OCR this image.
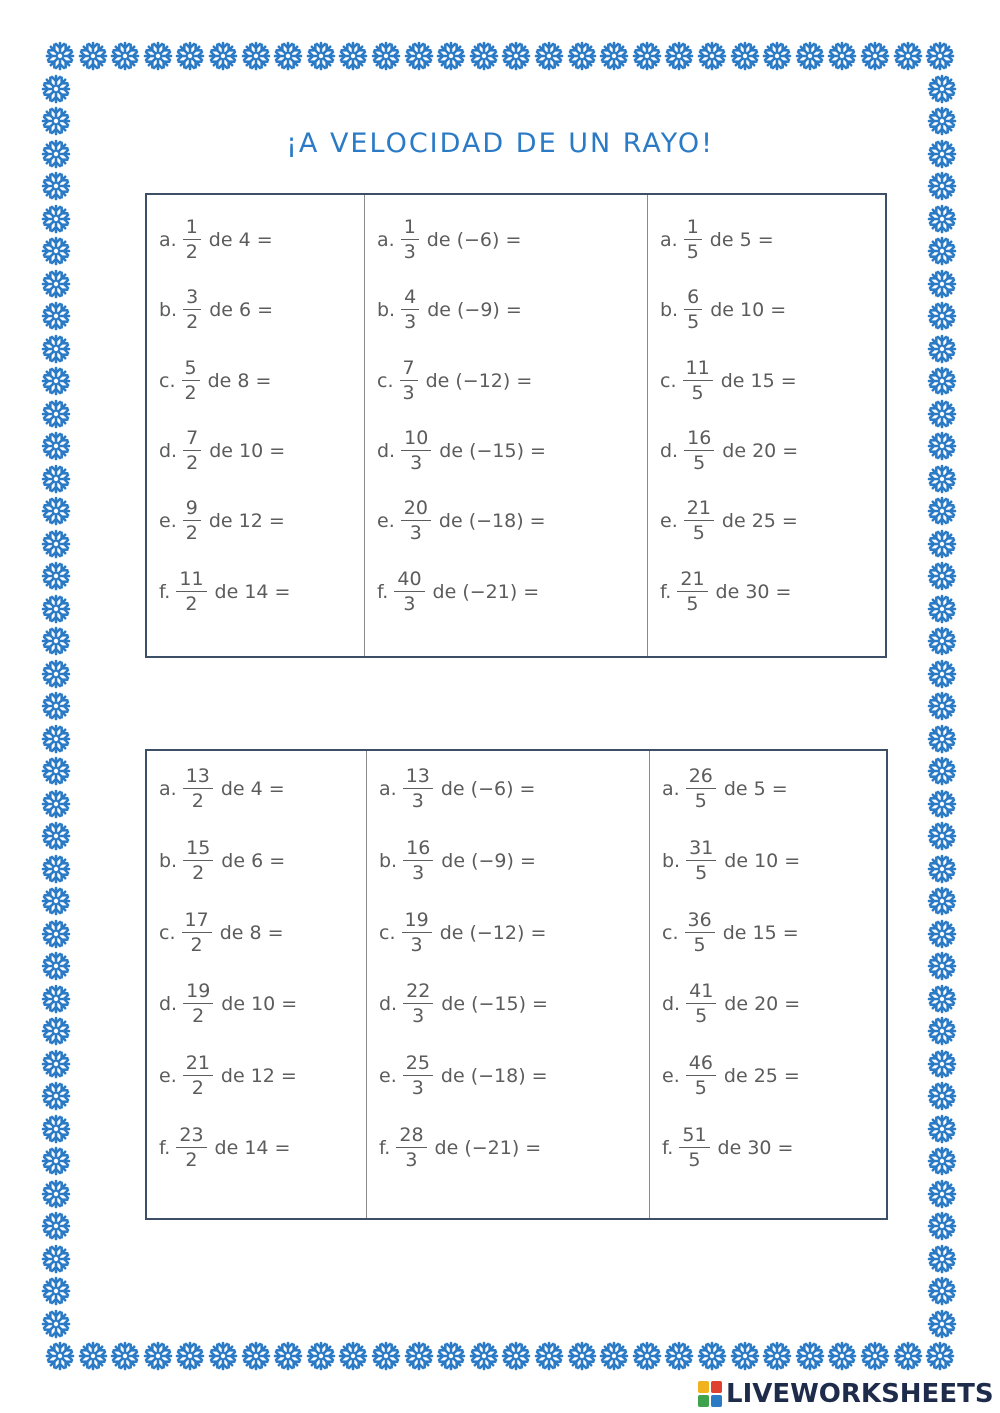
¡A VELOCIDAD DE UN RAYO!
a. $\frac{1}{2}$ de 4 =
b. $\frac{3}{2}$ de 6 =
c. $\frac{5}{2}$ de 8 =
d. $\frac{7}{2}$ de 10 =
e. $\frac{9}{2}$ de 12 =
f. $\frac{11}{2}$ de 14 =
a. $\frac{1}{3}$ de (−6) =
b. $\frac{4}{3}$ de (−9) =
c. $\frac{7}{3}$ de (−12) =
d. $\frac{10}{3}$ de (−15) =
e. $\frac{20}{3}$ de (−18) =
f. $\frac{40}{3}$ de (−21) =
a. $\frac{1}{5}$ de 5 =
b. $\frac{6}{5}$ de 10 =
c. $\frac{11}{5}$ de 15 =
d. $\frac{16}{5}$ de 20 =
e. $\frac{21}{5}$ de 25 =
f. $\frac{21}{5}$ de 30 =
a. $\frac{13}{2}$ de 4 =
b. $\frac{15}{2}$ de 6 =
c. $\frac{17}{2}$ de 8 =
d. $\frac{19}{2}$ de 10 =
e. $\frac{21}{2}$ de 12 =
f. $\frac{23}{2}$ de 14 =
a. $\frac{13}{3}$ de (−6) =
b. $\frac{16}{3}$ de (−9) =
c. $\frac{19}{3}$ de (−12) =
d. $\frac{22}{3}$ de (−15) =
e. $\frac{25}{3}$ de (−18) =
f. $\frac{28}{3}$ de (−21) =
a. $\frac{26}{5}$ de 5 =
b. $\frac{31}{5}$ de 10 =
c. $\frac{36}{5}$ de 15 =
d. $\frac{41}{5}$ de 20 =
e. $\frac{46}{5}$ de 25 =
f. $\frac{51}{5}$ de 30 =
LIVEWORKSHEETS
